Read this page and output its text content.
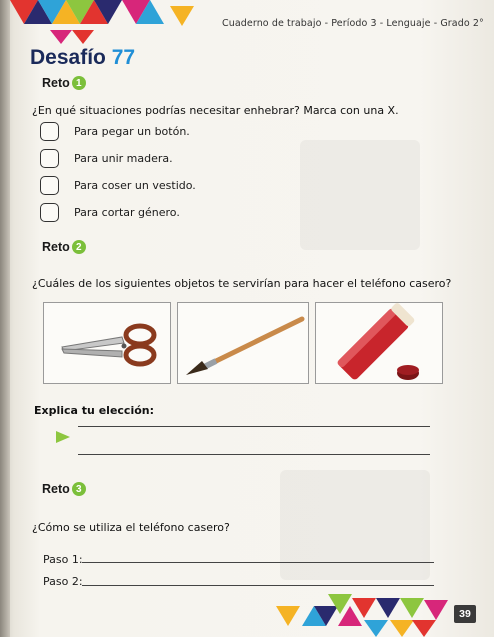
Cuaderno de trabajo - Período 3 - Lenguaje - Grado 2°
Desafío 77
Reto 1
¿En qué situaciones podrías necesitar enhebrar? Marca con una X.
Para pegar un botón.
Para unir madera.
Para coser un vestido.
Para cortar género.
Reto 2
¿Cuáles de los siguientes objetos te servirían para hacer el teléfono casero?
Explica tu elección:
Reto 3
¿Cómo se utiliza el teléfono casero?
Paso 1:
Paso 2:
39
